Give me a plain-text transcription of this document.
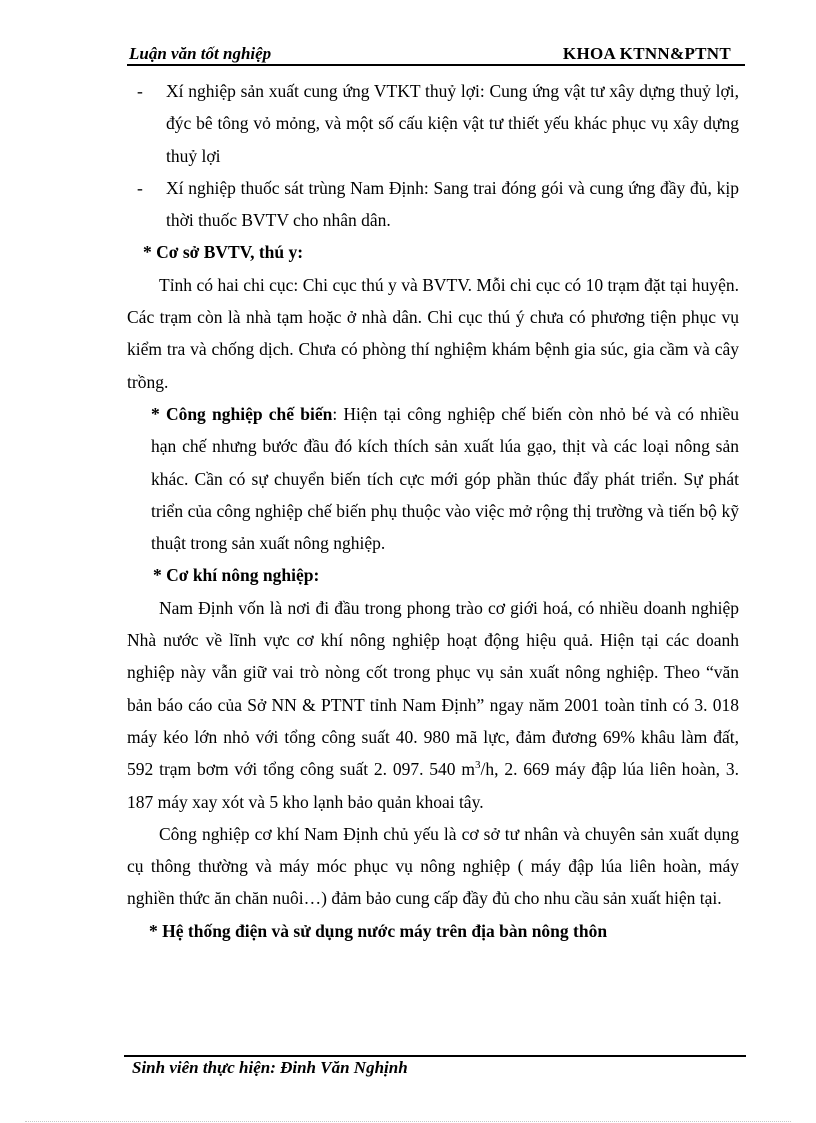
Luận văn tốt nghiệp	KHOA KTNN&PTNT
-	Xí nghiệp sản xuất cung ứng VTKT thuỷ lợi: Cung ứng vật tư xây dựng thuỷ lợi, đýc bê tông vỏ mỏng, và một số cấu kiện vật tư thiết yếu khác phục vụ xây dựng thuỷ lợi
-	Xí nghiệp thuốc sát trùng Nam Định: Sang trai đóng gói và cung ứng đầy đủ, kịp thời thuốc BVTV cho nhân dân.

* Cơ sở BVTV, thú y:

Tỉnh có hai chi cục: Chi cục thú y và BVTV. Mỗi chi cục có 10 trạm đặt tại huyện. Các trạm còn là nhà tạm hoặc ở nhà dân. Chi cục thú ý chưa có phương tiện phục vụ kiểm tra và chống dịch. Chưa có phòng thí nghiệm khám bệnh gia súc, gia cầm và cây trồng.

* Công nghiệp chế biến: Hiện tại công nghiệp chế biến còn nhỏ bé và có nhiều hạn chế nhưng bước đầu đó kích thích sản xuất lúa gạo, thịt và các loại nông sản khác. Cần có sự chuyển biến tích cực mới góp phần thúc đẩy phát triển. Sự phát triển của công nghiệp chế biến phụ thuộc vào việc mở rộng thị trường và tiến bộ kỹ thuật trong sản xuất nông nghiệp.

* Cơ khí nông nghiệp:

Nam Định vốn là nơi đi đầu trong phong trào cơ giới hoá, có nhiều doanh nghiệp Nhà nước về lĩnh vực cơ khí nông nghiệp hoạt động hiệu quả. Hiện tại các doanh nghiệp này vẫn giữ vai trò nòng cốt trong phục vụ sản xuất nông nghiệp. Theo “văn bản báo cáo của Sở NN & PTNT tỉnh Nam Định” ngay năm 2001 toàn tỉnh có 3. 018 máy kéo lớn nhỏ với tổng công suất 40. 980 mã lực, đảm đương 69% khâu làm đất, 592 trạm bơm với tổng công suất 2. 097. 540 $m^3/h$, 2. 669 máy đập lúa liên hoàn, 3. 187 máy xay xót và 5 kho lạnh bảo quản khoai tây.

Công nghiệp cơ khí Nam Định chủ yếu là cơ sở tư nhân và chuyên sản xuất dụng cụ thông thường và máy móc phục vụ nông nghiệp ( máy đập lúa liên hoàn, máy nghiền thức ăn chăn nuôi…) đảm bảo cung cấp đầy đủ cho nhu cầu sản xuất hiện tại.

* Hệ thống điện và sử dụng nước máy trên địa bàn nông thôn

Sinh viên thực hiện: Đinh Văn Nghịnh
